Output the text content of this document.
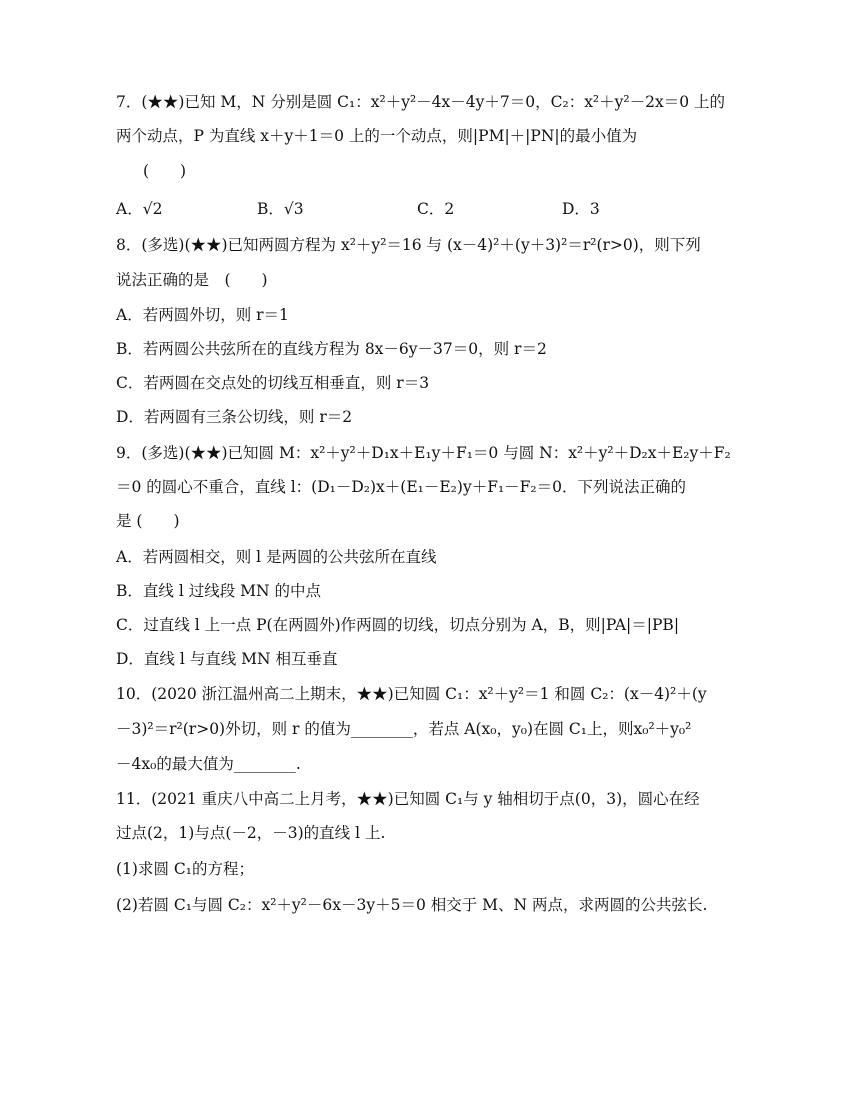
7．(★★)已知 M，N 分别是圆 C₁：x²＋y²－4x－4y＋7＝0，C₂：x²＋y²－2x＝0 上的
两个动点，P 为直线 x＋y＋1＝0 上的一个动点，则|PM|＋|PN|的最小值为
(　　)
A．√2	B．√3	C．2	D．3
8．(多选)(★★)已知两圆方程为 x²＋y²＝16 与 (x－4)²＋(y＋3)²＝r²(r>0)，则下列
说法正确的是　(　　)
A．若两圆外切，则 r＝1
B．若两圆公共弦所在的直线方程为 8x－6y－37＝0，则 r＝2
C．若两圆在交点处的切线互相垂直，则 r＝3
D．若两圆有三条公切线，则 r＝2
9．(多选)(★★)已知圆 M：x²＋y²＋D₁x＋E₁y＋F₁＝0 与圆 N：x²＋y²＋D₂x＋E₂y＋F₂
＝0 的圆心不重合，直线 l：(D₁－D₂)x＋(E₁－E₂)y＋F₁－F₂＝0．下列说法正确的
是 (　　)
A．若两圆相交，则 l 是两圆的公共弦所在直线
B．直线 l 过线段 MN 的中点
C．过直线 l 上一点 P(在两圆外)作两圆的切线，切点分别为 A，B，则|PA|＝|PB|
D．直线 l 与直线 MN 相互垂直
10．(2020 浙江温州高二上期末，★★)已知圆 C₁：x²＋y²＝1 和圆 C₂：(x－4)²＋(y
－3)²＝r²(r>0)外切，则 r 的值为________，若点 A(x₀，y₀)在圆 C₁上，则x₀²＋y₀²
－4x₀的最大值为________.
11．(2021 重庆八中高二上月考，★★)已知圆 C₁与 y 轴相切于点(0，3)，圆心在经
过点(2，1)与点(－2，－3)的直线 l 上.
(1)求圆 C₁的方程；
(2)若圆 C₁与圆 C₂：x²＋y²－6x－3y＋5＝0 相交于 M、N 两点，求两圆的公共弦长.
